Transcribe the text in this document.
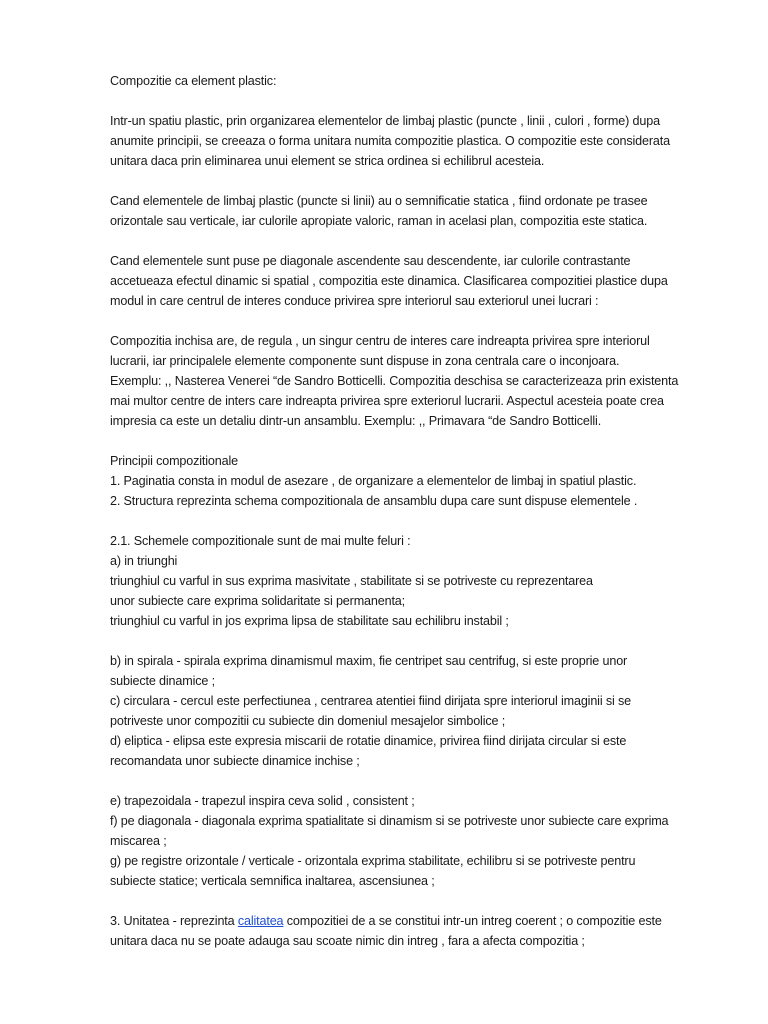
Compozitie ca element plastic:
Intr-un spatiu plastic, prin organizarea elementelor de limbaj plastic (puncte , linii , culori , forme) dupa
anumite principii, se creeaza o forma unitara numita compozitie plastica. O compozitie este considerata
unitara daca prin eliminarea unui element se strica ordinea si echilibrul acesteia.
Cand elementele de limbaj plastic (puncte si linii) au o semnificatie statica , fiind ordonate pe trasee
orizontale sau verticale, iar culorile apropiate valoric, raman in acelasi plan, compozitia este statica.
Cand elementele sunt puse pe diagonale ascendente sau descendente, iar culorile contrastante
accetueaza efectul dinamic si spatial , compozitia este dinamica. Clasificarea compozitiei plastice dupa
modul in care centrul de interes conduce privirea spre interiorul sau exteriorul unei lucrari :
Compozitia inchisa are, de regula , un singur centru de interes care indreapta privirea spre interiorul
lucrarii, iar principalele elemente componente sunt dispuse in zona centrala care o inconjoara.
Exemplu: ,, Nasterea Venerei “de Sandro Botticelli. Compozitia deschisa se caracterizeaza prin existenta
mai multor centre de inters care indreapta privirea spre exteriorul lucrarii. Aspectul acesteia poate crea
impresia ca este un detaliu dintr-un ansamblu. Exemplu: ,, Primavara “de Sandro Botticelli.
Principii compozitionale
1. Paginatia consta in modul de asezare , de organizare a elementelor de limbaj in spatiul plastic.
2. Structura reprezinta schema compozitionala de ansamblu dupa care sunt dispuse elementele .
2.1. Schemele compozitionale sunt de mai multe feluri :
a) in triunghi
triunghiul cu varful in sus exprima masivitate , stabilitate si se potriveste cu reprezentarea
unor subiecte care exprima solidaritate si permanenta;
triunghiul cu varful in jos exprima lipsa de stabilitate sau echilibru instabil ;
b) in spirala - spirala exprima dinamismul maxim, fie centripet sau centrifug, si este proprie unor
subiecte dinamice ;
c) circulara - cercul este perfectiunea , centrarea atentiei fiind dirijata spre interiorul imaginii si se
potriveste unor compozitii cu subiecte din domeniul mesajelor simbolice ;
d) eliptica - elipsa este expresia miscarii de rotatie dinamice, privirea fiind dirijata circular si este
recomandata unor subiecte dinamice inchise ;
e) trapezoidala - trapezul inspira ceva solid , consistent ;
f) pe diagonala - diagonala exprima spatialitate si dinamism si se potriveste unor subiecte care exprima
miscarea ;
g) pe registre orizontale / verticale - orizontala exprima stabilitate, echilibru si se potriveste pentru
subiecte statice; verticala semnifica inaltarea, ascensiunea ;
3. Unitatea - reprezinta calitatea compozitiei de a se constitui intr-un intreg coerent ; o compozitie este
unitara daca nu se poate adauga sau scoate nimic din intreg , fara a afecta compozitia ;
